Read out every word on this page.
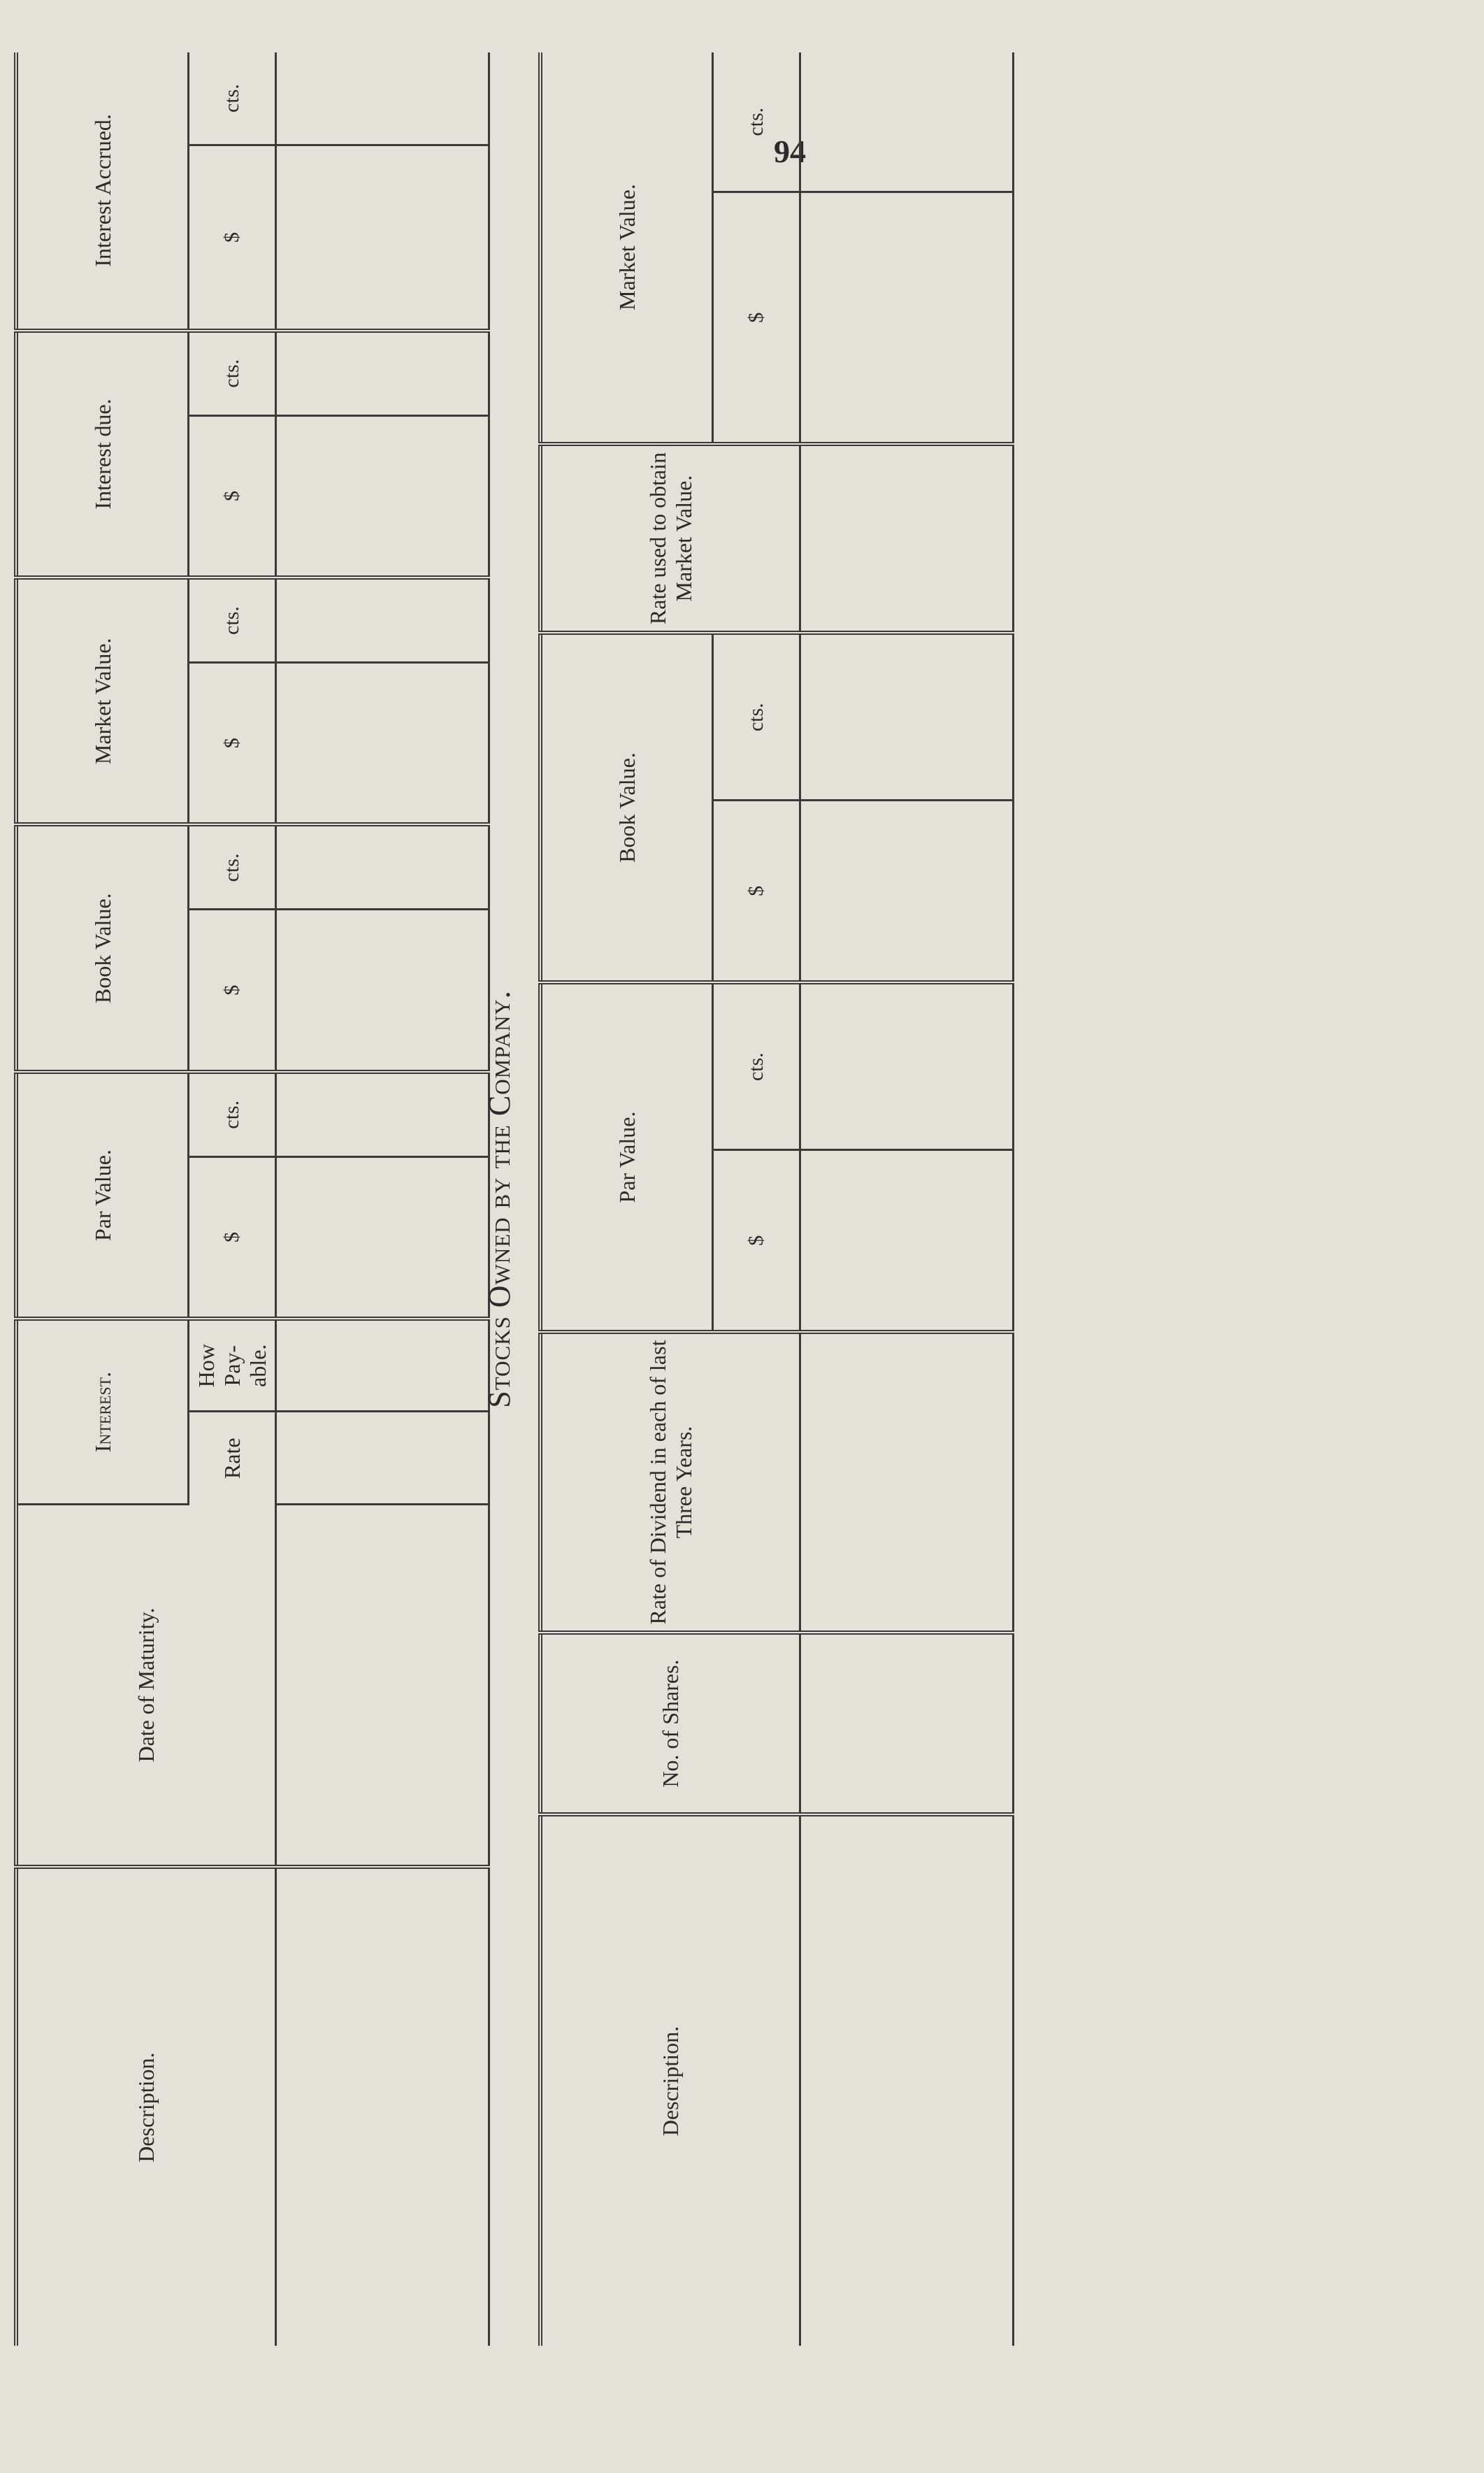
94
Description.	Date of Maturity.	Interest.		Par Value.		Book Value.		Market Value.		Interest due.		Interest Accrued.	
		Rate	How Pay-able.	$	cts.	$	cts.	$	cts.	$	cts.	$	cts.

Stocks Owned by the Company.
Description.	No. of Shares.	Rate of Dividend in each of last Three Years.	Par Value.		Book Value.		Rate used to obtain Market Value.	Market Value.	
			$	cts.	$	cts.		$	cts.
